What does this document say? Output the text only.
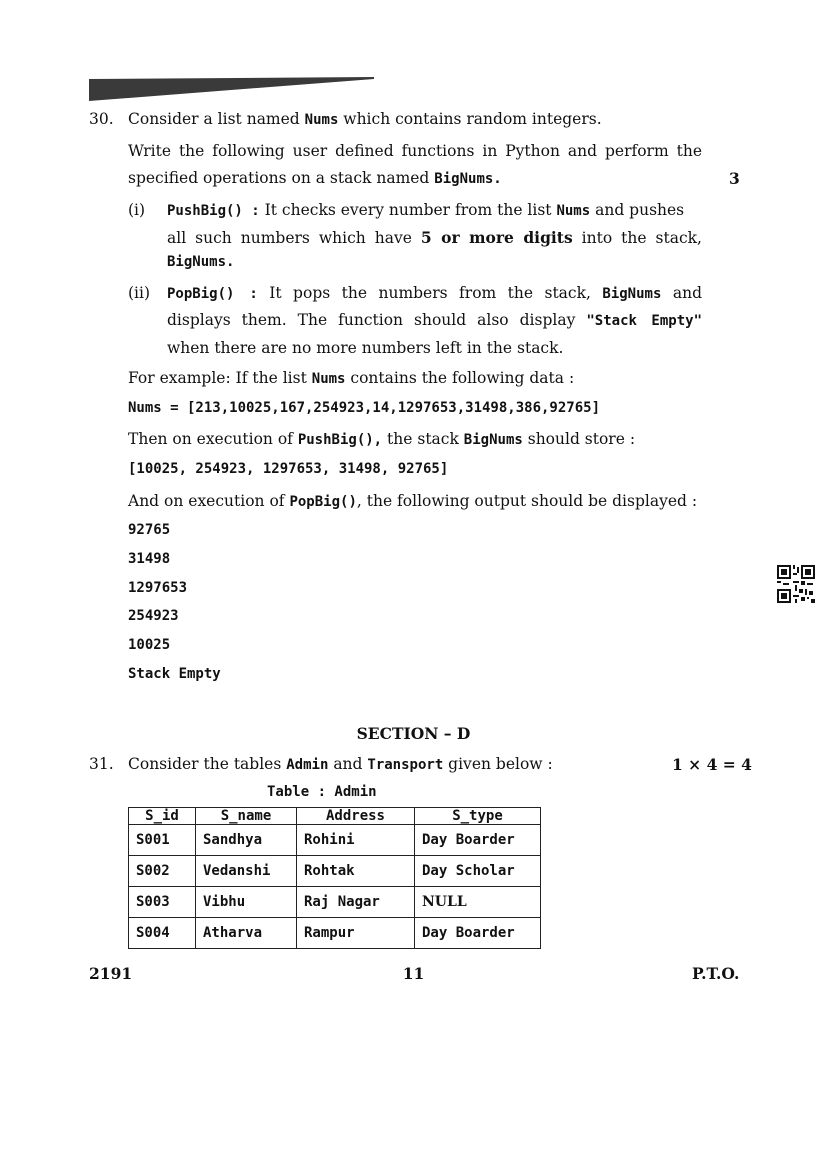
30. Consider a list named Nums which contains random integers.
Write the following user defined functions in Python and perform the
specified operations on a stack named BigNums.	3
(i) PushBig() : It checks every number from the list Nums and pushes
all such numbers which have 5 or more digits into the stack,
BigNums.
(ii) PopBig() : It pops the numbers from the stack, BigNums and
displays them. The function should also display "Stack Empty"
when there are no more numbers left in the stack.
For example: If the list Nums contains the following data :
Nums = [213,10025,167,254923,14,1297653,31498,386,92765]
Then on execution of PushBig(), the stack BigNums should store :
[10025, 254923, 1297653, 31498, 92765]
And on execution of PopBig(), the following output should be displayed :
92765
31498
1297653
254923
10025
Stack Empty
SECTION – D
31. Consider the tables Admin and Transport given below :	1 × 4 = 4
Table : Admin
S_id	S_name	Address	S_type
S001	Sandhya	Rohini	Day Boarder
S002	Vedanshi	Rohtak	Day Scholar
S003	Vibhu	Raj Nagar	NULL
S004	Atharva	Rampur	Day Boarder
2191	11	P.T.O.
